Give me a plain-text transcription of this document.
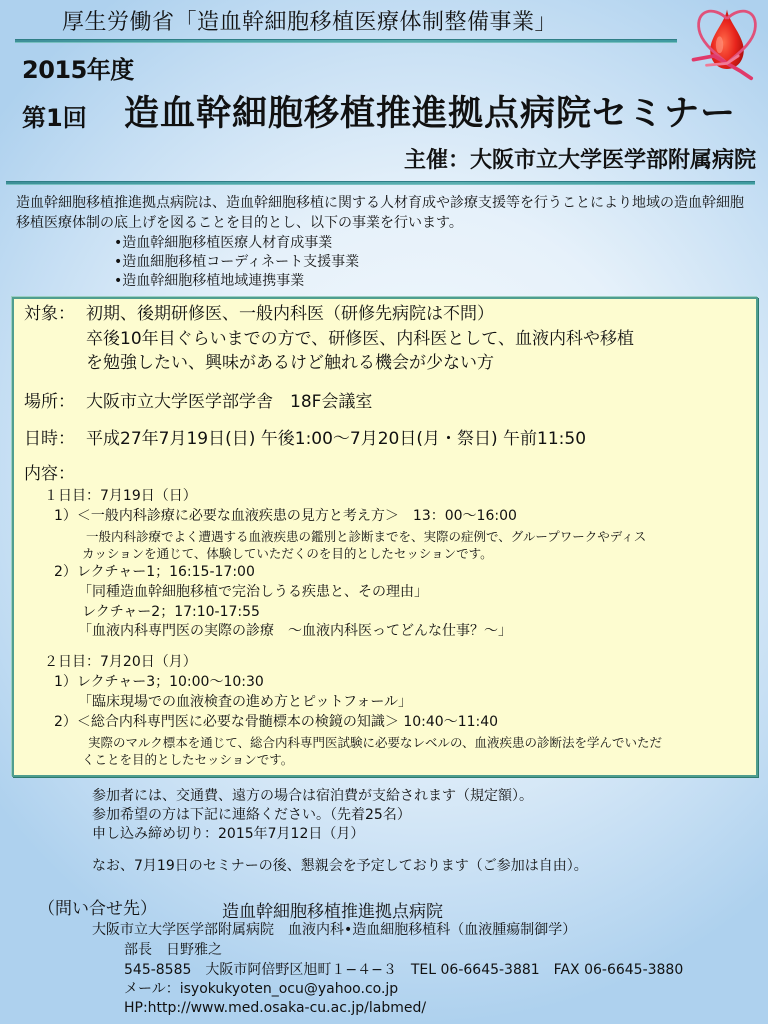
厚生労働省「造血幹細胞移植医療体制整備事業」
2015年度
第1回 造血幹細胞移植推進拠点病院セミナー
主催：大阪市立大学医学部附属病院
造血幹細胞移植推進拠点病院は、造血幹細胞移植に関する人材育成や診療支援等を行うことにより地域の造血幹細胞移植医療体制の底上げを図ることを目的とし、以下の事業を行います。
• 造血幹細胞移植医療人材育成事業
• 造血細胞移植コーディネート支援事業
• 造血幹細胞移植地域連携事業
対象： 初期、後期研修医、一般内科医（研修先病院は不問）
卒後10年目ぐらいまでの方で、研修医、内科医として、血液内科や移植
を勉強したい、興味があるけど触れる機会が少ない方
場所： 大阪市立大学医学部学舎　18F会議室
日時： 平成27年7月19日(日) 午後1:00〜7月20日(月・祭日) 午前11:50
内容：
１日目：7月19日（日）
1）＜一般内科診療に必要な血液疾患の見方と考え方＞　13：00〜16:00
一般内科診療でよく遭遇する血液疾患の鑑別と診断までを、実際の症例で、グループワークやディス
カッションを通じて、体験していただくのを目的としたセッションです。
2）レクチャー1；16:15-17:00
「同種造血幹細胞移植で完治しうる疾患と、その理由」
レクチャー2；17:10-17:55
「血液内科専門医の実際の診療　〜血液内科医ってどんな仕事？〜」
２日目：7月20日（月）
1）レクチャー3；10:00〜10:30
「臨床現場での血液検査の進め方とピットフォール」
2）＜総合内科専門医に必要な骨髄標本の検鏡の知識＞ 10:40〜11:40
実際のマルク標本を通じて、総合内科専門医試験に必要なレベルの、血液疾患の診断法を学んでいただ
くことを目的としたセッションです。
参加者には、交通費、遠方の場合は宿泊費が支給されます（規定額）。
参加希望の方は下記に連絡ください。（先着25名）
申し込み締め切り：2015年7月12日（月）
なお、7月19日のセミナーの後、懇親会を予定しております（ご参加は自由）。
（問い合せ先）	造血幹細胞移植推進拠点病院
大阪市立大学医学部附属病院　血液内科•造血細胞移植科（血液腫瘍制御学）
部長　日野雅之
545-8585　大阪市阿倍野区旭町１−４−３　TEL 06-6645-3881　FAX 06-6645-3880
メール：isyokukyoten_ocu@yahoo.co.jp
HP:http://www.med.osaka-cu.ac.jp/labmed/
